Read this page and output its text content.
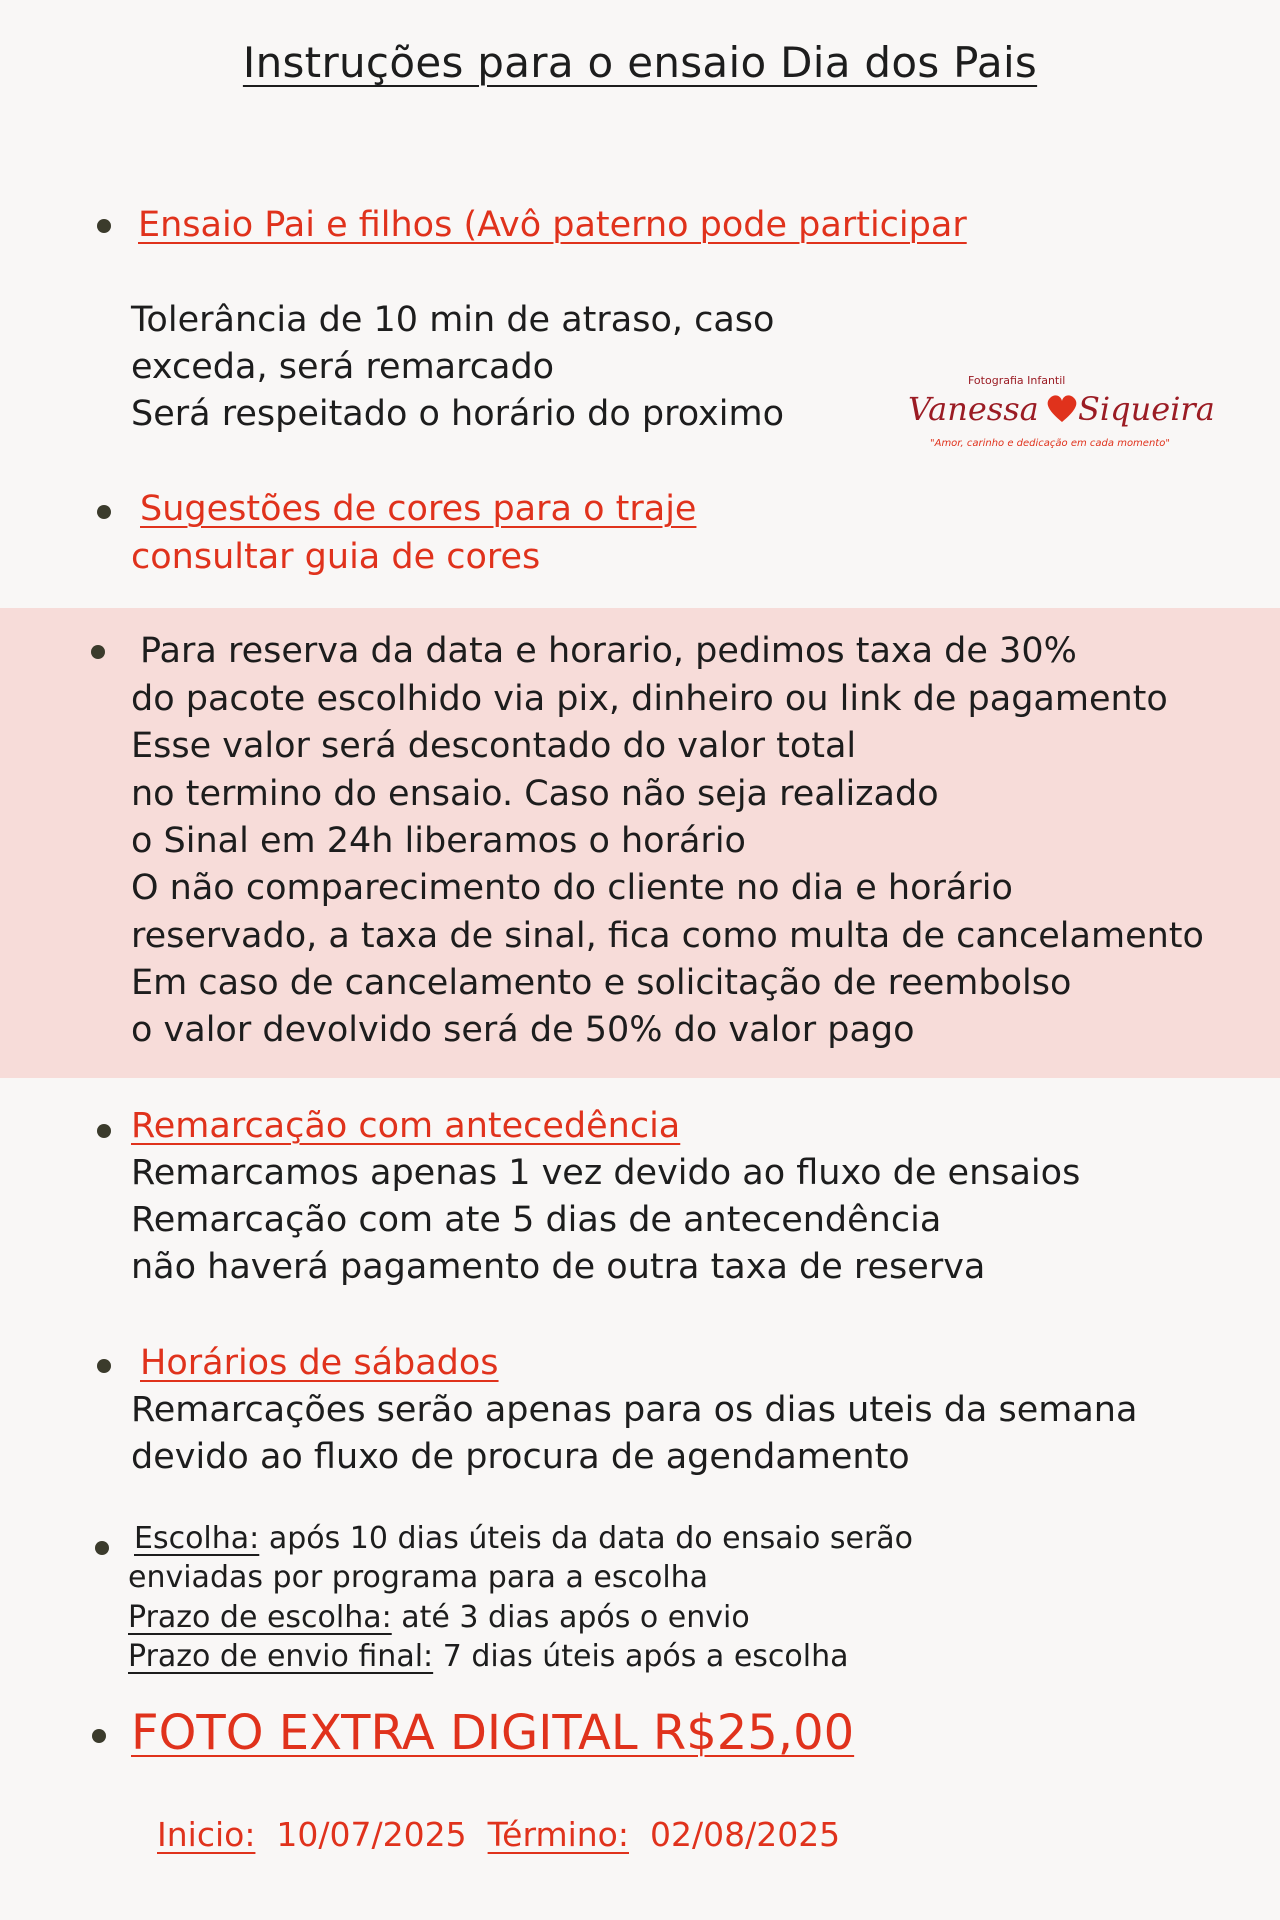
Instruções para o ensaio Dia dos Pais
Ensaio Pai e filhos (Avô paterno pode participar
Tolerância de 10 min de atraso, caso
exceda, será remarcado
Será respeitado o horário do proximo
Fotografia Infantil
Vanessa Siqueira
"Amor, carinho e dedicação em cada momento"
Sugestões de cores para o traje
consultar guia de cores
Para reserva da data e horario, pedimos taxa de 30%
do pacote escolhido via pix, dinheiro ou link de pagamento
Esse valor será descontado do valor total
no termino do ensaio. Caso não seja realizado
o Sinal em 24h liberamos o horário
O não comparecimento do cliente no dia e horário
reservado, a taxa de sinal, fica como multa de cancelamento
Em caso de cancelamento e solicitação de reembolso
o valor devolvido será de 50% do valor pago
Remarcação com antecedência
Remarcamos apenas 1 vez devido ao fluxo de ensaios
Remarcação com ate 5 dias de antecendência
não haverá pagamento de outra taxa de reserva
Horários de sábados
Remarcações serão apenas para os dias uteis da semana
devido ao fluxo de procura de agendamento
Escolha: após 10 dias úteis da data do ensaio serão
enviadas por programa para a escolha
Prazo de escolha: até 3 dias após o envio
Prazo de envio final: 7 dias úteis após a escolha
FOTO EXTRA DIGITAL R$25,00
Inicio:  10/07/2025  Término:  02/08/2025
